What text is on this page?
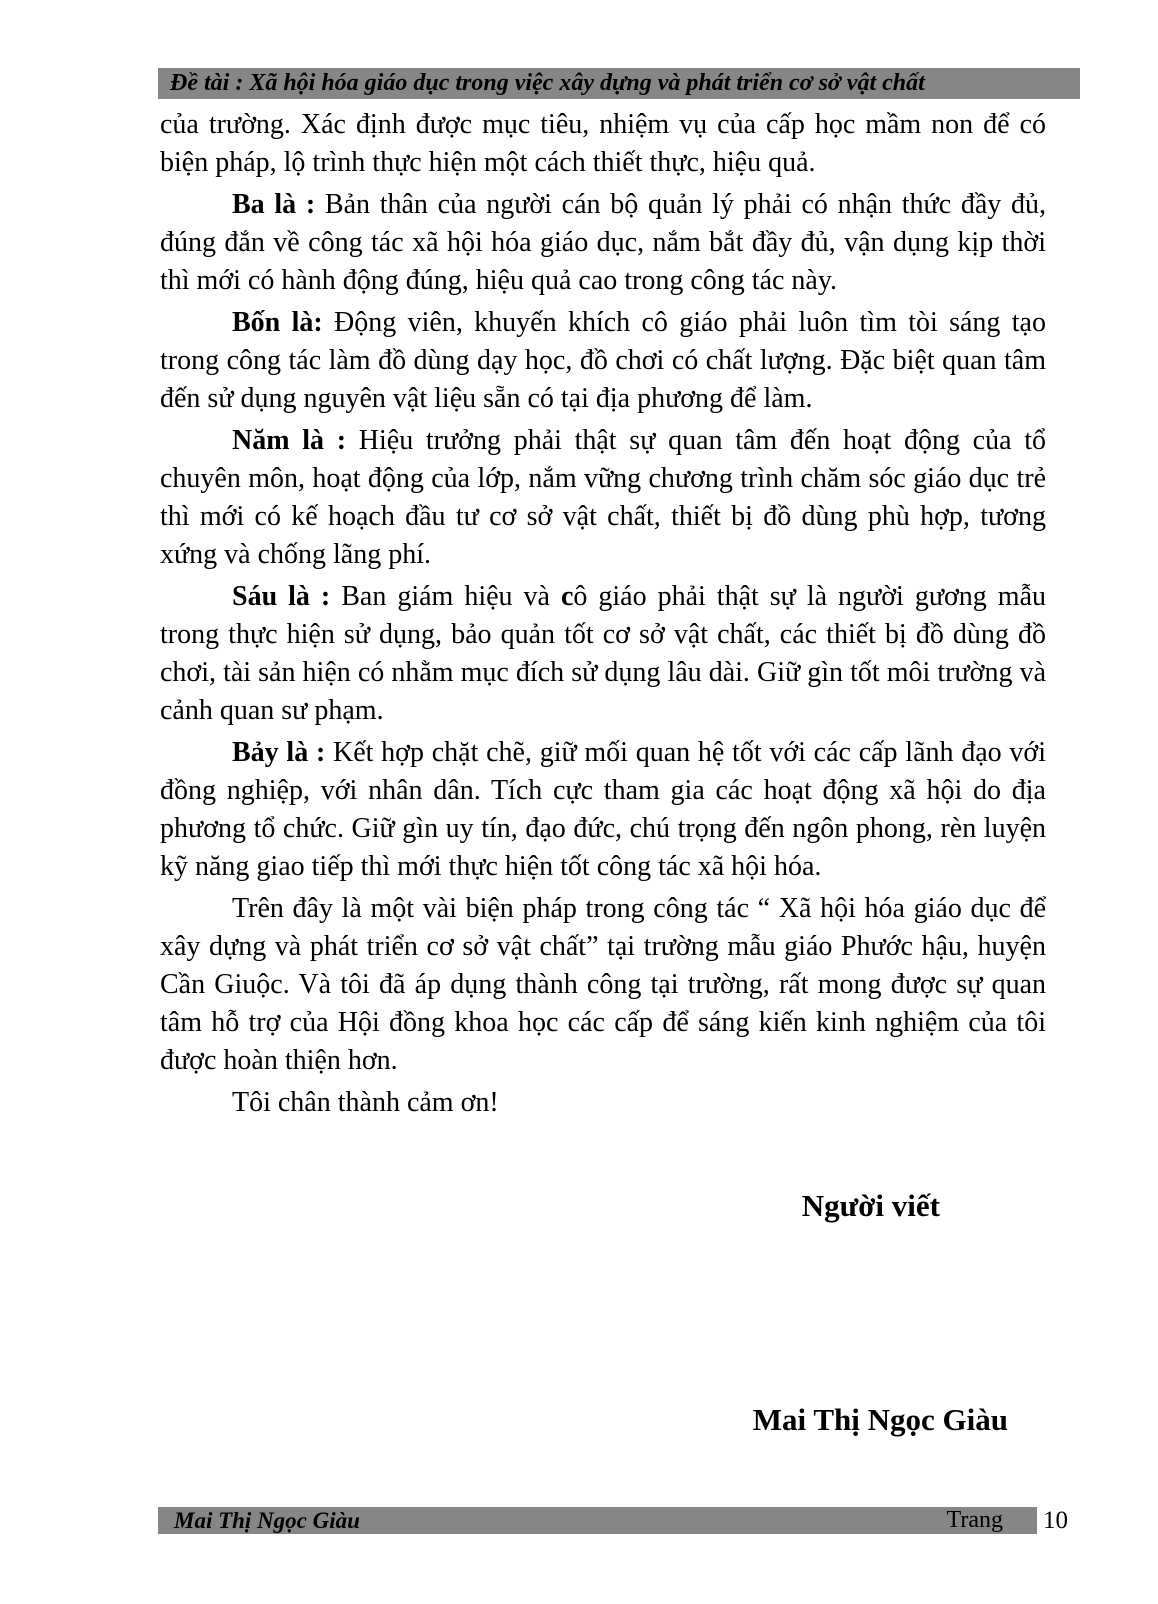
Đề tài : Xã hội hóa giáo dục trong việc xây dựng và phát triển cơ sở vật chất

của trường. Xác định được mục tiêu, nhiệm vụ của cấp học mầm non để có biện pháp, lộ trình thực hiện một cách thiết thực, hiệu quả.

Ba là : Bản thân của người cán bộ quản lý phải có nhận thức đầy đủ, đúng đắn về công tác xã hội hóa giáo dục, nắm bắt đầy đủ, vận dụng kịp thời thì mới có hành động đúng, hiệu quả cao trong công tác này.

Bốn là: Động viên, khuyến khích cô giáo phải luôn tìm tòi sáng tạo trong công tác làm đồ dùng dạy học, đồ chơi có chất lượng. Đặc biệt quan tâm đến sử dụng nguyên vật liệu sẵn có tại địa phương để làm.

Năm là : Hiệu trưởng phải thật sự quan tâm đến hoạt động của tổ chuyên môn, hoạt động của lớp, nắm vững chương trình chăm sóc giáo dục trẻ thì mới có kế hoạch đầu tư cơ sở vật chất, thiết bị đồ dùng phù hợp, tương xứng và chống lãng phí.

Sáu là : Ban giám hiệu và cô giáo phải thật sự là người gương mẫu trong thực hiện sử dụng, bảo quản tốt cơ sở vật chất, các thiết bị đồ dùng đồ chơi, tài sản hiện có nhằm mục đích sử dụng lâu dài. Giữ gìn tốt môi trường và cảnh quan sư phạm.

Bảy là : Kết hợp chặt chẽ, giữ mối quan hệ tốt với các cấp lãnh đạo với đồng nghiệp, với nhân dân. Tích cực tham gia các hoạt động xã hội do địa phương tổ chức. Giữ gìn uy tín, đạo đức, chú trọng đến ngôn phong, rèn luyện kỹ năng giao tiếp thì mới thực hiện tốt công tác xã hội hóa.

Trên đây là một vài biện pháp trong công tác “ Xã hội hóa giáo dục để xây dựng và phát triển cơ sở vật chất” tại trường mẫu giáo Phước hậu, huyện Cần Giuộc. Và tôi đã áp dụng thành công tại trường, rất mong được sự quan tâm hỗ trợ của Hội đồng khoa học các cấp để sáng kiến kinh nghiệm của tôi được hoàn thiện hơn.

Tôi chân thành cảm ơn!

Người viết
Mai Thị Ngọc Giàu
Mai Thị Ngọc Giàu	Trang 10
